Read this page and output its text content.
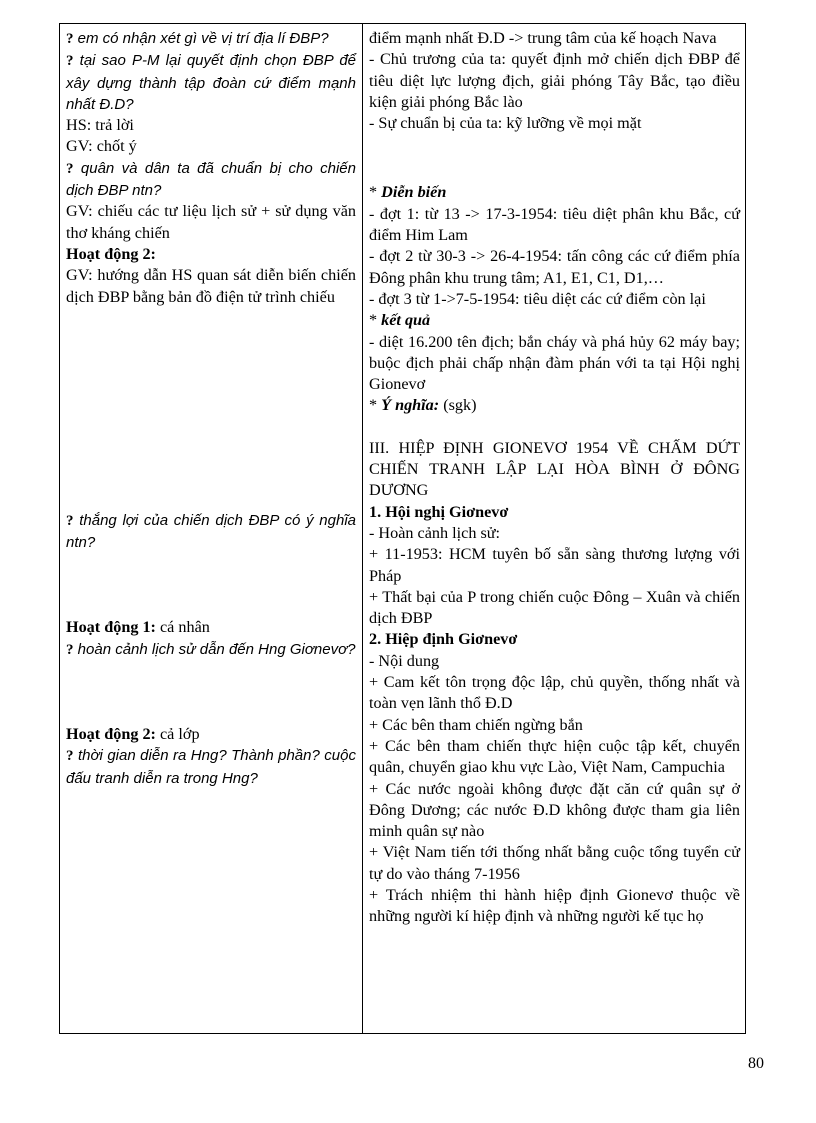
? em có nhận xét gì về vị trí địa lí ĐBP?
? tại sao P-M lại quyết định chọn ĐBP để xây dựng thành tập đoàn cứ điểm mạnh nhất Đ.D?
HS: trả lời
GV: chốt ý
? quân và dân ta đã chuẩn bị cho chiến dịch ĐBP ntn?
GV: chiếu các tư liệu lịch sử + sử dụng văn thơ kháng chiến
Hoạt động 2:
GV: hướng dẫn HS quan sát diễn biến chiến dịch ĐBP bằng bản đồ điện tử trình chiếu
? thắng lợi của chiến dịch ĐBP có ý nghĩa ntn?
Hoạt động 1: cá nhân
? hoàn cảnh lịch sử dẫn đến Hng Giơnevơ?
Hoạt động 2: cả lớp
? thời gian diễn ra Hng? Thành phần? cuộc đấu tranh diễn ra trong Hng?
điểm mạnh nhất Đ.D -> trung tâm của kế hoạch Nava
- Chủ trương của ta: quyết định mở chiến dịch ĐBP để tiêu diệt lực lượng địch, giải phóng Tây Bắc, tạo điều kiện giải phóng Bắc lào
- Sự chuẩn bị của ta: kỹ lưỡng về mọi mặt
* Diễn biến
- đợt 1: từ 13 -> 17-3-1954: tiêu diệt phân khu Bắc, cứ điểm Him Lam
- đợt 2 từ 30-3 -> 26-4-1954: tấn công các cứ điểm phía Đông phân khu trung tâm; A1, E1, C1, D1,…
- đợt 3 từ 1->7-5-1954: tiêu diệt các cứ điểm còn lại
* kết quả
- diệt 16.200 tên địch; bắn cháy và phá hủy 62 máy bay; buộc địch phải chấp nhận đàm phán với ta tại Hội nghị Gionevơ
* Ý nghĩa: (sgk)
III. HIỆP ĐỊNH GIONEVƠ 1954 VỀ CHẤM DỨT CHIẾN TRANH LẬP LẠI HÒA BÌNH Ở ĐÔNG DƯƠNG
1. Hội nghị Giơnevơ
- Hoàn cảnh lịch sử:
+ 11-1953: HCM tuyên bố sẵn sàng thương lượng với Pháp
+ Thất bại của P trong chiến cuộc Đông – Xuân và chiến dịch ĐBP
2. Hiệp định Giơnevơ
- Nội dung
+ Cam kết tôn trọng độc lập, chủ quyền, thống nhất và toàn vẹn lãnh thổ Đ.D
+ Các bên tham chiến ngừng bắn
+ Các bên tham chiến thực hiện cuộc tập kết, chuyển quân, chuyển giao khu vực Lào, Việt Nam, Campuchia
+ Các nước ngoài không được đặt căn cứ quân sự ở Đông Dương; các nước Đ.D không được tham gia liên minh quân sự nào
+ Việt Nam tiến tới thống nhất bằng cuộc tổng tuyển cử tự do vào tháng 7-1956
+ Trách nhiệm thi hành hiệp định Gionevơ thuộc về những người kí hiệp định và những người kế tục họ
80
